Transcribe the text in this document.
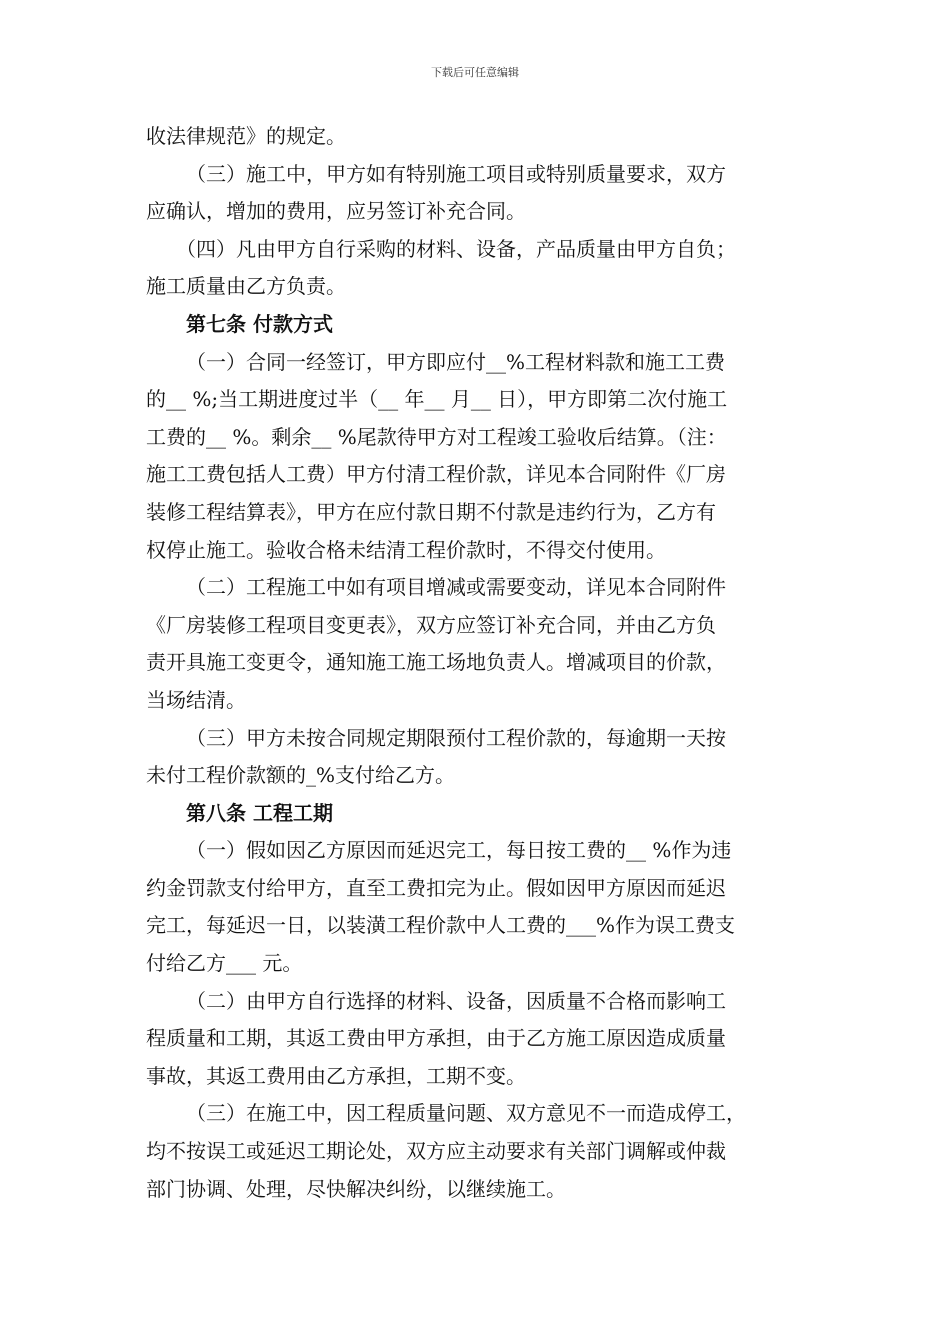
下载后可任意编辑
收法律规范》的规定。
（三）施工中，甲方如有特别施工项目或特别质量要求，双方
应确认，增加的费用，应另签订补充合同。
（四）凡由甲方自行采购的材料、设备，产品质量由甲方自负；
施工质量由乙方负责。
第七条 付款方式
（一）合同一经签订，甲方即应付__%工程材料款和施工工费
的__ %;当工期进度过半（__ 年__ 月__ 日），甲方即第二次付施工
工费的__ %。剩余__ %尾款待甲方对工程竣工验收后结算。（注：
施工工费包括人工费）甲方付清工程价款，详见本合同附件《厂房
装修工程结算表》，甲方在应付款日期不付款是违约行为，乙方有
权停止施工。验收合格未结清工程价款时，不得交付使用。
（二）工程施工中如有项目增减或需要变动，详见本合同附件
《厂房装修工程项目变更表》，双方应签订补充合同，并由乙方负
责开具施工变更令，通知施工施工场地负责人。增减项目的价款，
当场结清。
（三）甲方未按合同规定期限预付工程价款的，每逾期一天按
未付工程价款额的_%支付给乙方。
第八条 工程工期
（一）假如因乙方原因而延迟完工，每日按工费的__ %作为违
约金罚款支付给甲方，直至工费扣完为止。假如因甲方原因而延迟
完工，每延迟一日，以装潢工程价款中人工费的___%作为误工费支
付给乙方___ 元。
（二）由甲方自行选择的材料、设备，因质量不合格而影响工
程质量和工期，其返工费由甲方承担，由于乙方施工原因造成质量
事故，其返工费用由乙方承担，工期不变。
（三）在施工中，因工程质量问题、双方意见不一而造成停工，
均不按误工或延迟工期论处，双方应主动要求有关部门调解或仲裁
部门协调、处理，尽快解决纠纷，以继续施工。
